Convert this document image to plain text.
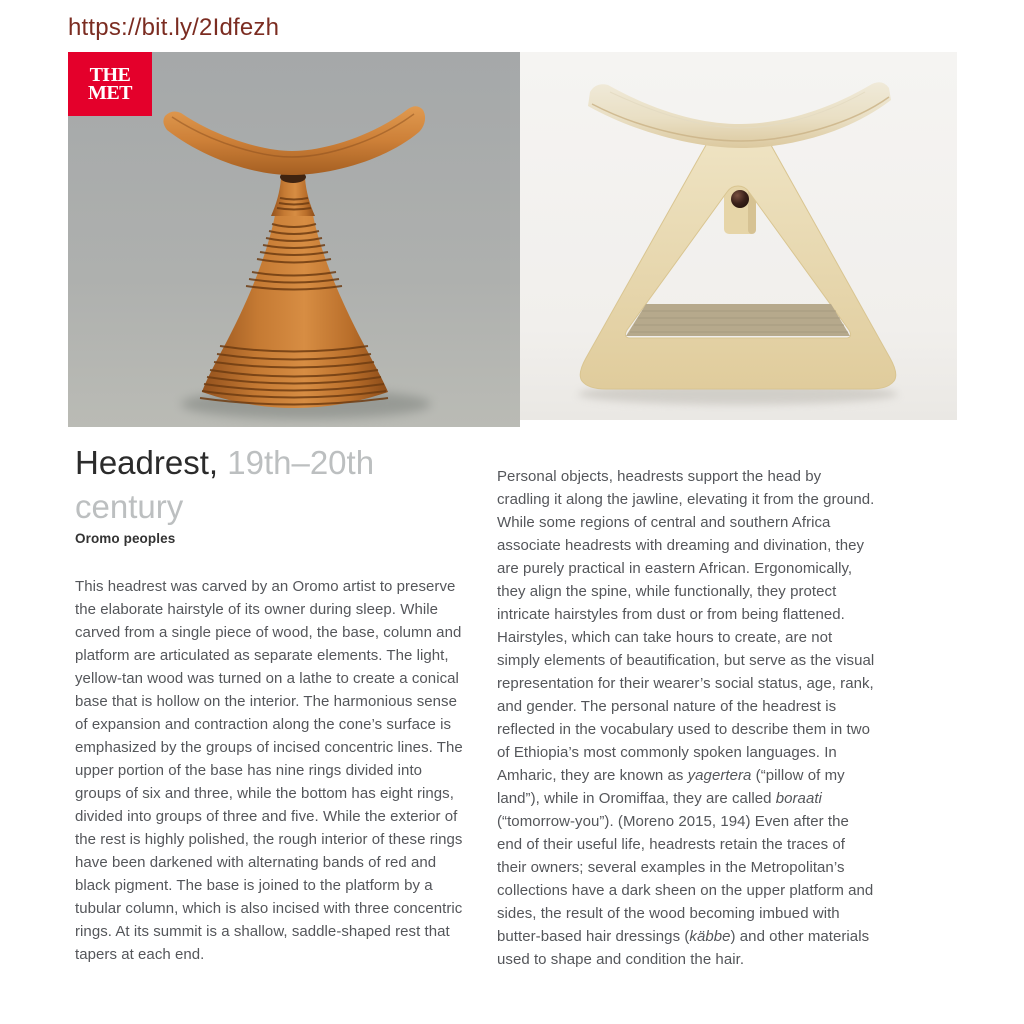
https://bit.ly/2Idfezh
THE
MET
Headrest, 19th–20th century
Oromo peoples
This headrest was carved by an Oromo artist to preserve the elaborate hairstyle of its owner during sleep. While carved from a single piece of wood, the base, column and platform are articulated as separate elements. The light, yellow-tan wood was turned on a lathe to create a conical base that is hollow on the interior. The harmonious sense of expansion and contraction along the cone’s surface is emphasized by the groups of incised concentric lines. The upper portion of the base has nine rings divided into groups of six and three, while the bottom has eight rings, divided into groups of three and five. While the exterior of the rest is highly polished, the rough interior of these rings have been darkened with alternating bands of red and black pigment. The base is joined to the platform by a tubular column, which is also incised with three concentric rings. At its summit is a shallow, saddle-shaped rest that tapers at each end.
Personal objects, headrests support the head by cradling it along the jawline, elevating it from the ground. While some regions of central and southern Africa associate headrests with dreaming and divination, they are purely practical in eastern African. Ergonomically, they align the spine, while functionally, they protect intricate hairstyles from dust or from being flattened. Hairstyles, which can take hours to create, are not simply elements of beautification, but serve as the visual representation for their wearer’s social status, age, rank, and gender. The personal nature of the headrest is reflected in the vocabulary used to describe them in two of Ethiopia’s most commonly spoken languages. In Amharic, they are known as yagertera (“pillow of my land”), while in Oromiffaa, they are called boraati (“tomorrow-you”). (Moreno 2015, 194) Even after the end of their useful life, headrests retain the traces of their owners; several examples in the Metropolitan’s collections have a dark sheen on the upper platform and sides, the result of the wood becoming imbued with butter-based hair dressings (käbbe) and other materials used to shape and condition the hair.
